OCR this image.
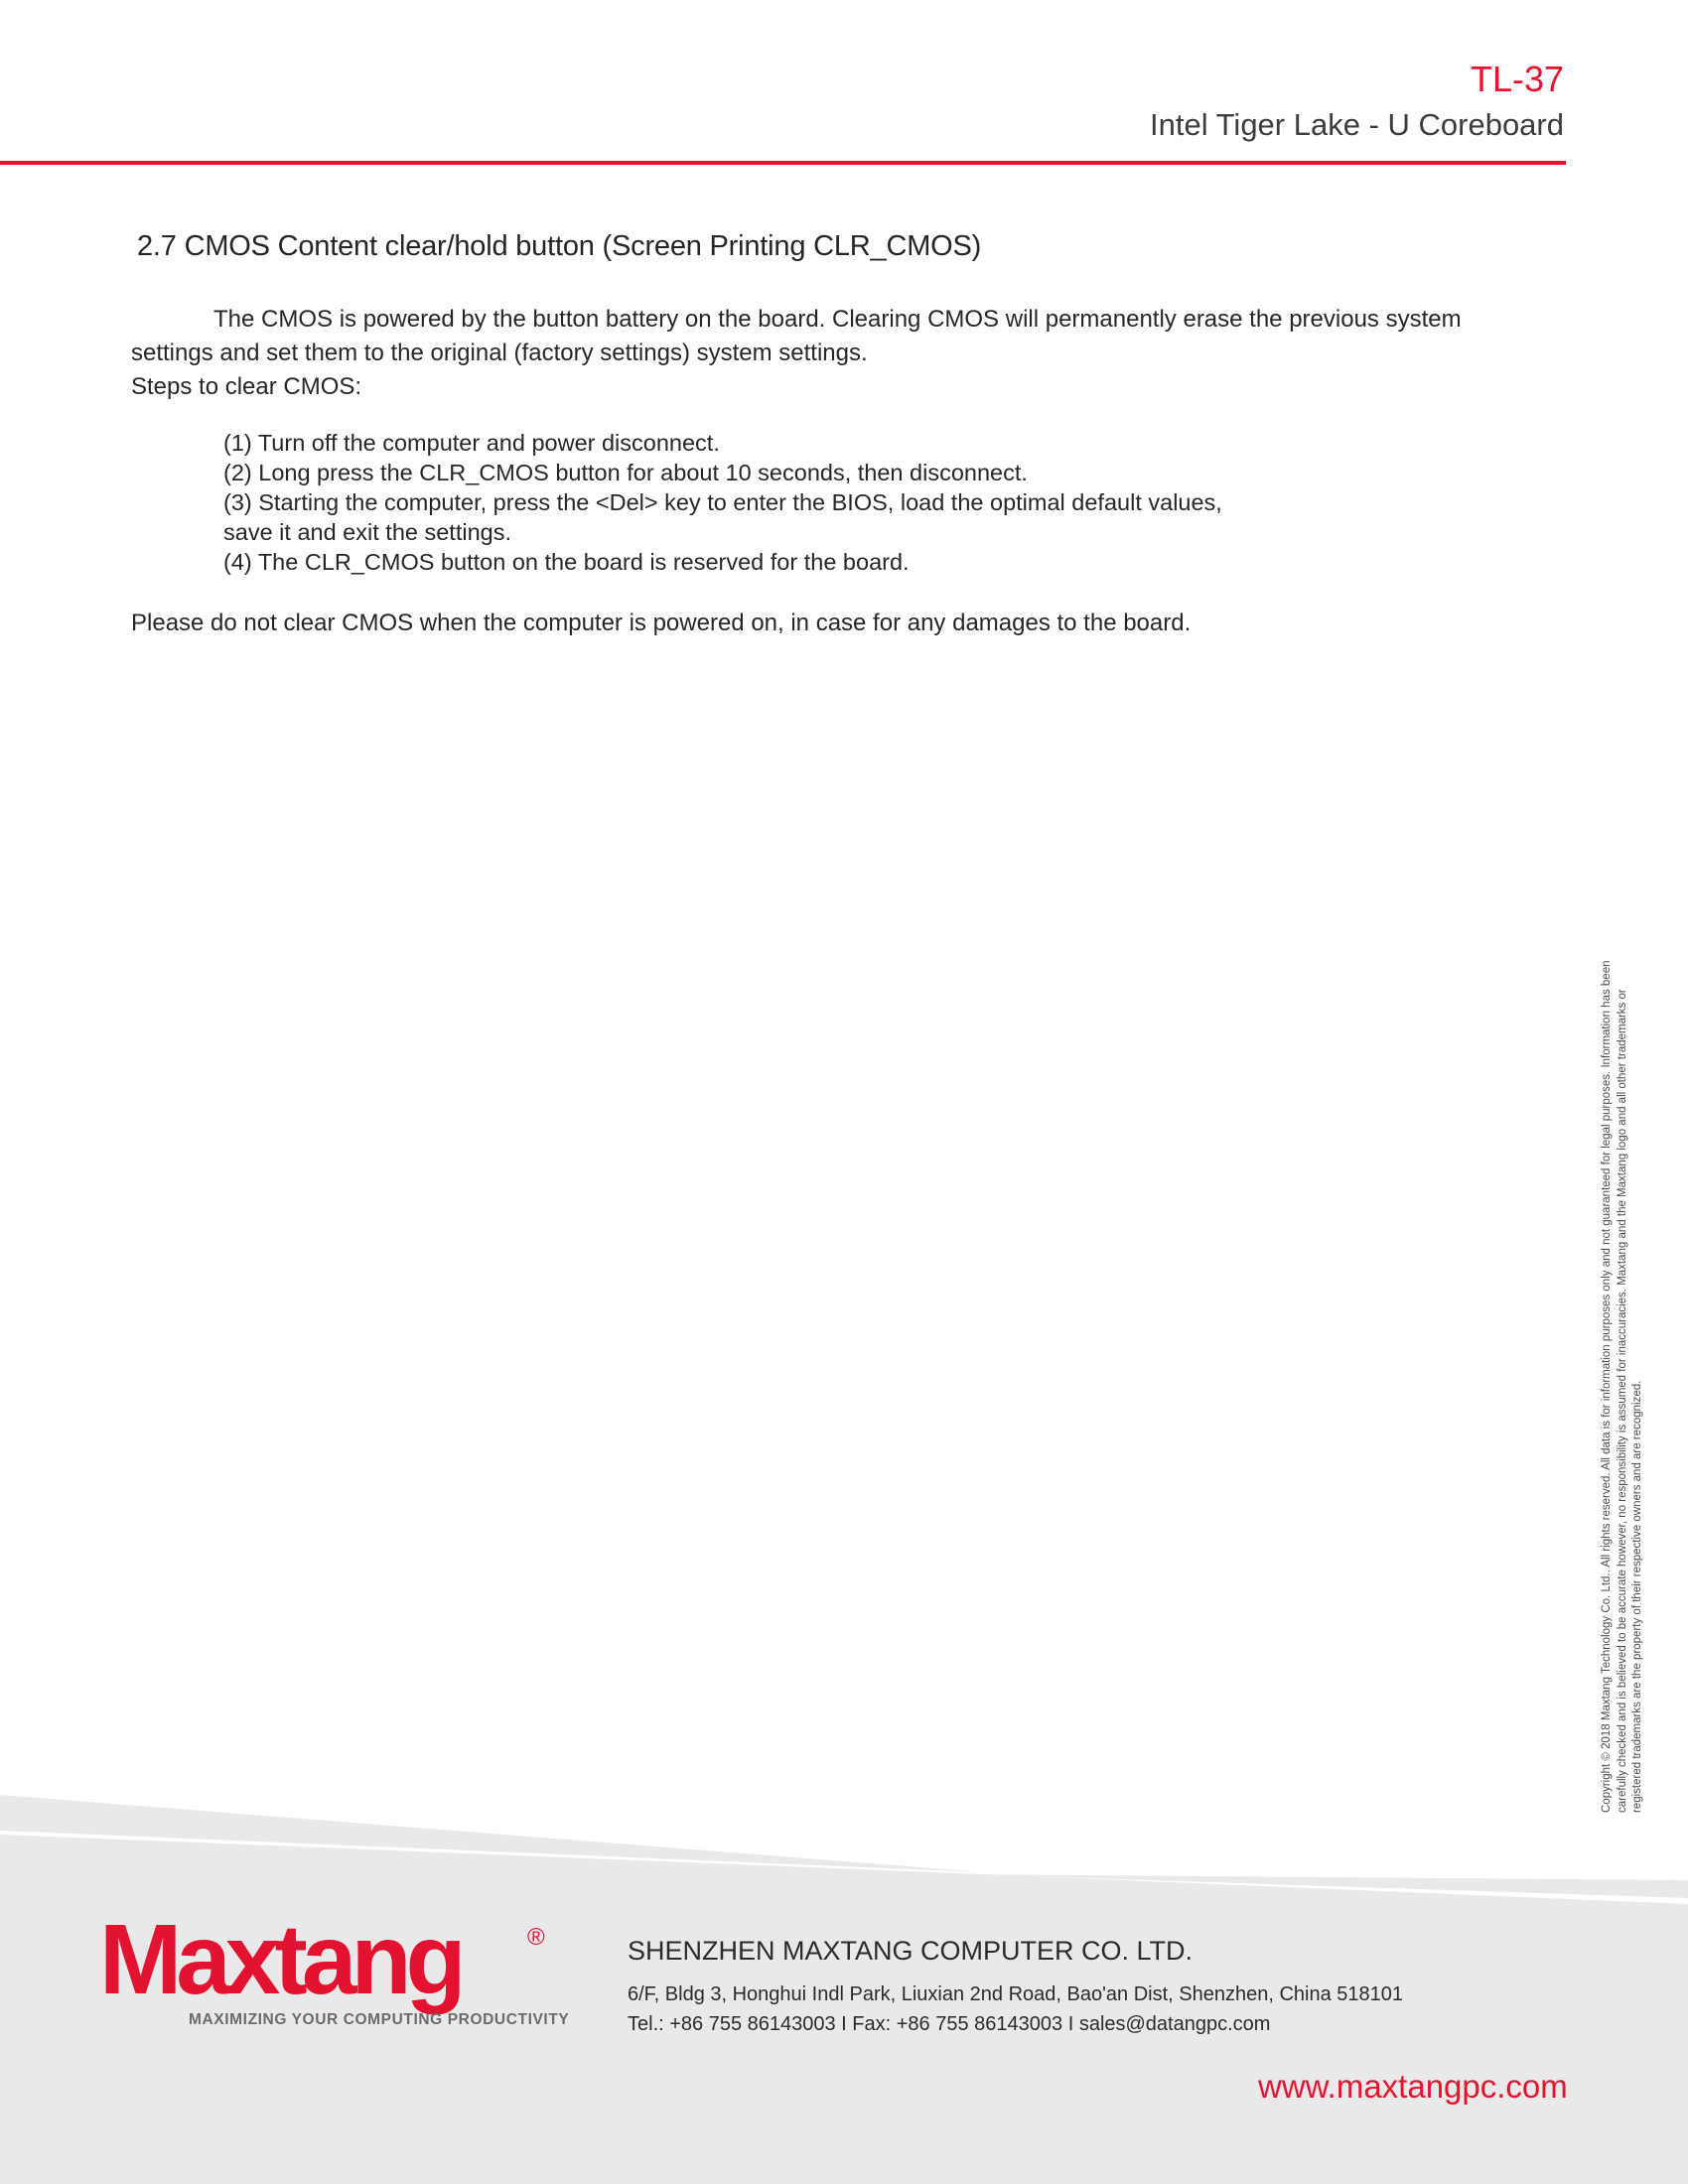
TL-37
Intel Tiger Lake - U Coreboard
2.7 CMOS Content clear/hold button (Screen Printing CLR_CMOS)
The CMOS is powered by the button battery on the board. Clearing CMOS will permanently erase the previous system
settings and set them to the original (factory settings) system settings.
Steps to clear CMOS:
(1) Turn off the computer and power disconnect.
(2) Long press the CLR_CMOS button for about 10 seconds, then disconnect.
(3) Starting the computer, press the <Del> key to enter the BIOS, load the optimal default values,
save it and exit the settings.
(4) The CLR_CMOS button on the board is reserved for the board.
Please do not clear CMOS when the computer is powered on, in case for any damages to the board.
Copyright © 2018 Maxtang Technology Co. Ltd.. All rights reserved. All data is for information purposes only and not guaranteed for legal purposes. Information has been carefully checked and is believed to be accurate however, no responsibility is assumed for inaccuracies. Maxtang and the Maxtang logo and all other trademarks or registered trademarks are the property of their respective owners and are recognized.
Maxtang	®
MAXIMIZING YOUR COMPUTING PRODUCTIVITY
SHENZHEN MAXTANG COMPUTER CO. LTD.
6/F, Bldg 3, Honghui Indl Park, Liuxian 2nd Road, Bao'an Dist, Shenzhen, China 518101
Tel.: +86 755 86143003 I Fax: +86 755 86143003 I sales@datangpc.com
www.maxtangpc.com
